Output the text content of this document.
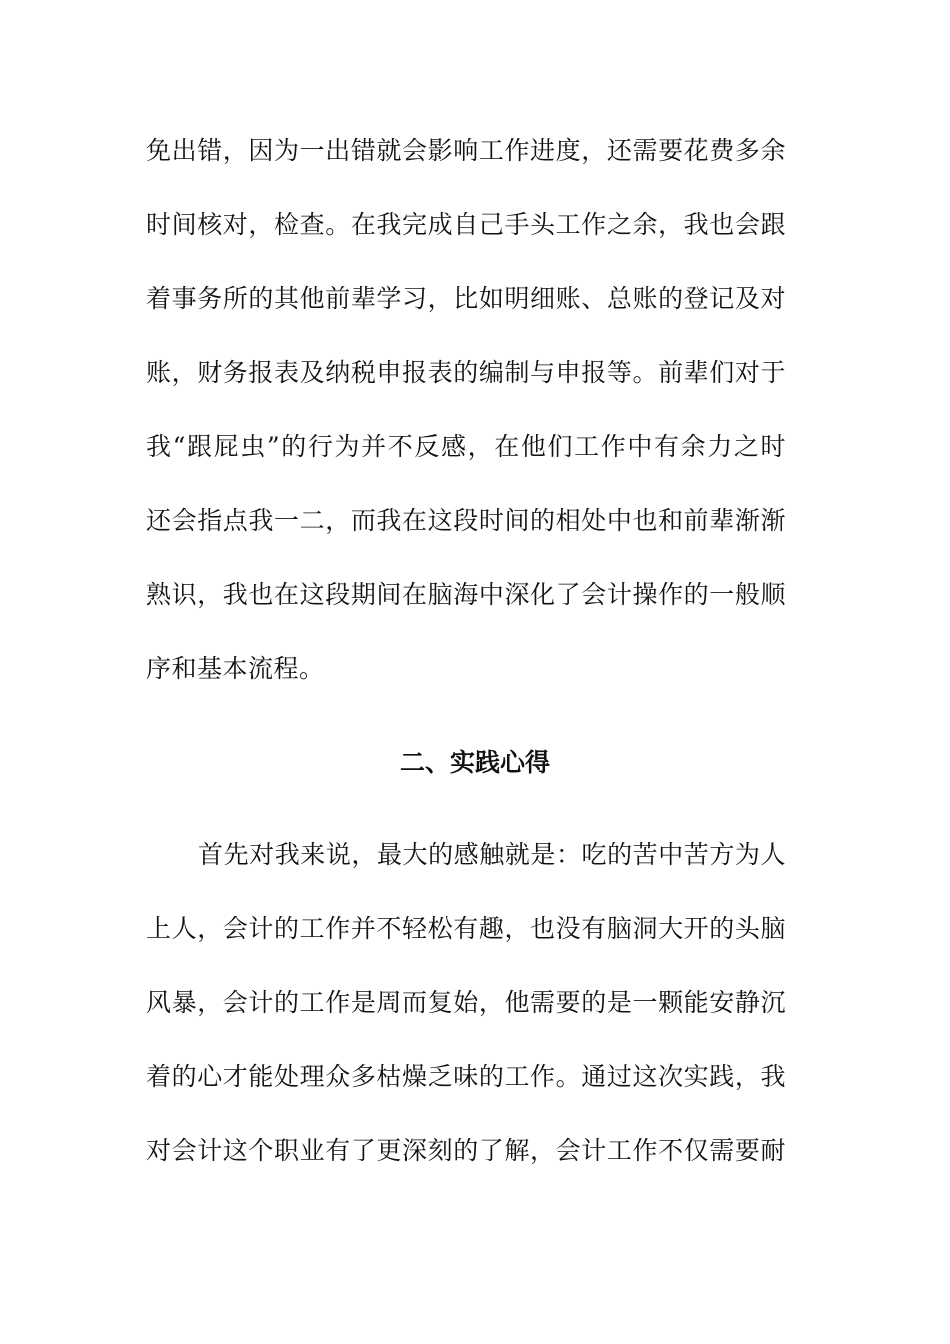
免出错，因为一出错就会影响工作进度，还需要花费多余

时间核对，检查。在我完成自己手头工作之余，我也会跟

着事务所的其他前辈学习，比如明细账、总账的登记及对

账，财务报表及纳税申报表的编制与申报等。前辈们对于

我“跟屁虫”的行为并不反感，在他们工作中有余力之时

还会指点我一二，而我在这段时间的相处中也和前辈渐渐

熟识，我也在这段期间在脑海中深化了会计操作的一般顺

序和基本流程。

二、实践心得

首先对我来说，最大的感触就是：吃的苦中苦方为人

上人，会计的工作并不轻松有趣，也没有脑洞大开的头脑

风暴，会计的工作是周而复始，他需要的是一颗能安静沉

着的心才能处理众多枯燥乏味的工作。通过这次实践，我

对会计这个职业有了更深刻的了解，会计工作不仅需要耐
